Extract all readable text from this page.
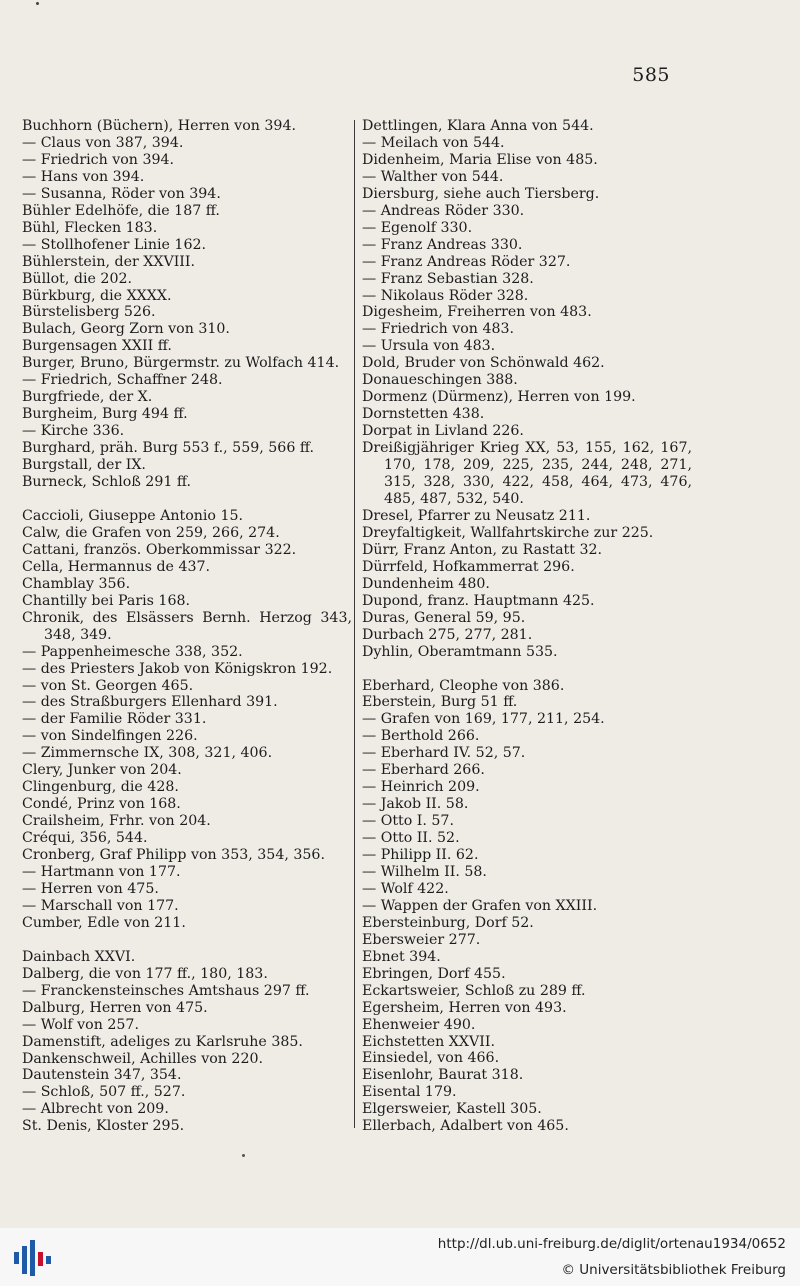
585
Buchhorn (Büchern), Herren von 394.
— Claus von 387, 394.
— Friedrich von 394.
— Hans von 394.
— Susanna, Röder von 394.
Bühler Edelhöfe, die 187 ff.
Bühl, Flecken 183.
— Stollhofener Linie 162.
Bühlerstein, der XXVIII.
Büllot, die 202.
Bürkburg, die XXXX.
Bürstelisberg 526.
Bulach, Georg Zorn von 310.
Burgensagen XXII ff.
Burger, Bruno, Bürgermstr. zu Wolfach 414.
— Friedrich, Schaffner 248.
Burgfriede, der X.
Burgheim, Burg 494 ff.
— Kirche 336.
Burghard, präh. Burg 553 f., 559, 566 ff.
Burgstall, der IX.
Burneck, Schloß 291 ff.
Caccioli, Giuseppe Antonio 15.
Calw, die Grafen von 259, 266, 274.
Cattani, französ. Oberkommissar 322.
Cella, Hermannus de 437.
Chamblay 356.
Chantilly bei Paris 168.
Chronik, des Elsässers Bernh. Herzog 343, 348, 349.
— Pappenheimesche 338, 352.
— des Priesters Jakob von Königskron 192.
— von St. Georgen 465.
— des Straßburgers Ellenhard 391.
— der Familie Röder 331.
— von Sindelfingen 226.
— Zimmernsche IX, 308, 321, 406.
Clery, Junker von 204.
Clingenburg, die 428.
Condé, Prinz von 168.
Crailsheim, Frhr. von 204.
Créqui, 356, 544.
Cronberg, Graf Philipp von 353, 354, 356.
— Hartmann von 177.
— Herren von 475.
— Marschall von 177.
Cumber, Edle von 211.
Dainbach XXVI.
Dalberg, die von 177 ff., 180, 183.
— Franckensteinsches Amtshaus 297 ff.
Dalburg, Herren von 475.
— Wolf von 257.
Damenstift, adeliges zu Karlsruhe 385.
Dankenschweil, Achilles von 220.
Dautenstein 347, 354.
— Schloß, 507 ff., 527.
— Albrecht von 209.
St. Denis, Kloster 295.
Dettlingen, Klara Anna von 544.
— Meilach von 544.
Didenheim, Maria Elise von 485.
— Walther von 544.
Diersburg, siehe auch Tiersberg.
— Andreas Röder 330.
— Egenolf 330.
— Franz Andreas 330.
— Franz Andreas Röder 327.
— Franz Sebastian 328.
— Nikolaus Röder 328.
Digesheim, Freiherren von 483.
— Friedrich von 483.
— Ursula von 483.
Dold, Bruder von Schönwald 462.
Donaueschingen 388.
Dormenz (Dürmenz), Herren von 199.
Dornstetten 438.
Dorpat in Livland 226.
Dreißigjähriger Krieg XX, 53, 155, 162, 167, 170, 178, 209, 225, 235, 244, 248, 271, 315, 328, 330, 422, 458, 464, 473, 476, 485, 487, 532, 540.
Dresel, Pfarrer zu Neusatz 211.
Dreyfaltigkeit, Wallfahrtskirche zur 225.
Dürr, Franz Anton, zu Rastatt 32.
Dürrfeld, Hofkammerrat 296.
Dundenheim 480.
Dupond, franz. Hauptmann 425.
Duras, General 59, 95.
Durbach 275, 277, 281.
Dyhlin, Oberamtmann 535.
Eberhard, Cleophe von 386.
Eberstein, Burg 51 ff.
— Grafen von 169, 177, 211, 254.
— Berthold 266.
— Eberhard IV. 52, 57.
— Eberhard 266.
— Heinrich 209.
— Jakob II. 58.
— Otto I. 57.
— Otto II. 52.
— Philipp II. 62.
— Wilhelm II. 58.
— Wolf 422.
— Wappen der Grafen von XXIII.
Ebersteinburg, Dorf 52.
Ebersweier 277.
Ebnet 394.
Ebringen, Dorf 455.
Eckartsweier, Schloß zu 289 ff.
Egersheim, Herren von 493.
Ehenweier 490.
Eichstetten XXVII.
Einsiedel, von 466.
Eisenlohr, Baurat 318.
Eisental 179.
Elgersweier, Kastell 305.
Ellerbach, Adalbert von 465.
http://dl.ub.uni-freiburg.de/diglit/ortenau1934/0652
© Universitätsbibliothek Freiburg
